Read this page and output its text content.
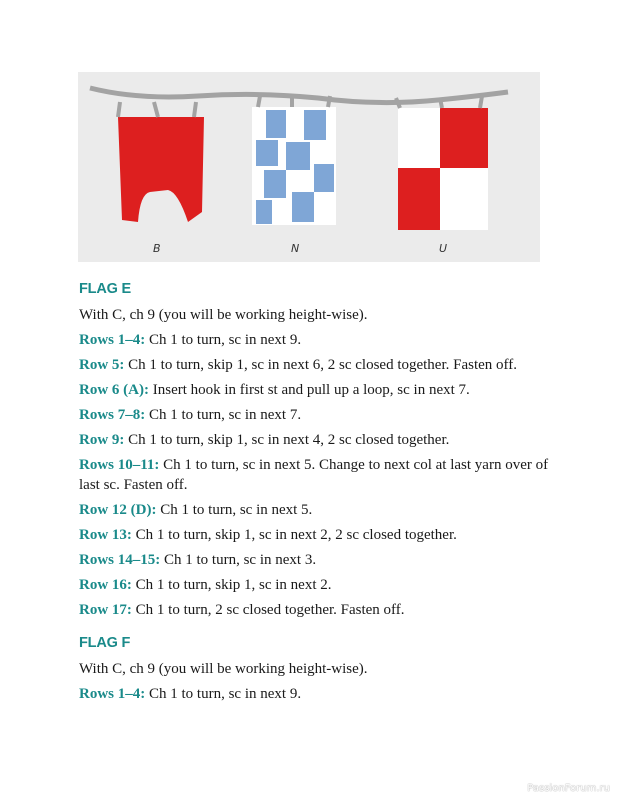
B	N	U
FLAG E

With C, ch 9 (you will be working height-wise).

Rows 1–4: Ch 1 to turn, sc in next 9.

Row 5: Ch 1 to turn, skip 1, sc in next 6, 2 sc closed together. Fasten off.

Row 6 (A): Insert hook in first st and pull up a loop, sc in next 7.

Rows 7–8: Ch 1 to turn, sc in next 7.

Row 9: Ch 1 to turn, skip 1, sc in next 4, 2 sc closed together.

Rows 10–11: Ch 1 to turn, sc in next 5. Change to next col at last yarn over of last sc. Fasten off.

Row 12 (D): Ch 1 to turn, sc in next 5.

Row 13: Ch 1 to turn, skip 1, sc in next 2, 2 sc closed together.

Rows 14–15: Ch 1 to turn, sc in next 3.

Row 16: Ch 1 to turn, skip 1, sc in next 2.

Row 17: Ch 1 to turn, 2 sc closed together. Fasten off.

FLAG F

With C, ch 9 (you will be working height-wise).

Rows 1–4: Ch 1 to turn, sc in next 9.

PassionForum.ru
